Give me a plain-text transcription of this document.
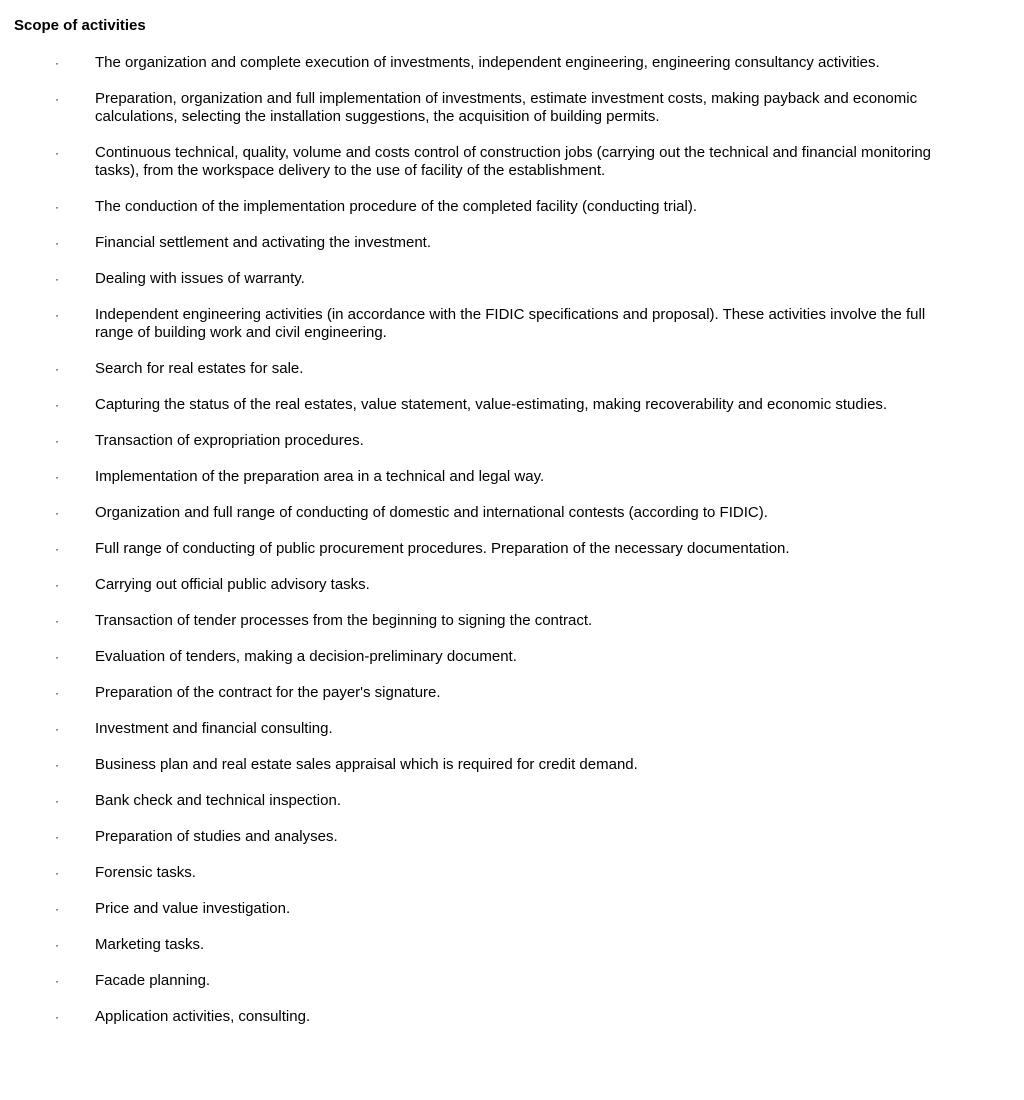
Scope of activities
· The organization and complete execution of investments, independent engineering, engineering consultancy activities.
· Preparation, organization and full implementation of investments, estimate investment costs, making payback and economic calculations, selecting the installation suggestions, the acquisition of building permits.
· Continuous technical, quality, volume and costs control of construction jobs (carrying out the technical and financial monitoring tasks), from the workspace delivery to the use of facility of the establishment.
· The conduction of the implementation procedure of the completed facility (conducting trial).
· Financial settlement and activating the investment.
· Dealing with issues of warranty.
· Independent engineering activities (in accordance with the FIDIC specifications and proposal). These activities involve the full range of building work and civil engineering.
· Search for real estates for sale.
· Capturing the status of the real estates, value statement, value-estimating, making recoverability and economic studies.
· Transaction of expropriation procedures.
· Implementation of the preparation area in a technical and legal way.
· Organization and full range of conducting of domestic and international contests (according to FIDIC).
· Full range of conducting of public procurement procedures. Preparation of the necessary documentation.
· Carrying out official public advisory tasks.
· Transaction of tender processes from the beginning to signing the contract.
· Evaluation of tenders, making a decision-preliminary document.
· Preparation of the contract for the payer's signature.
· Investment and financial consulting.
· Business plan and real estate sales appraisal which is required for credit demand.
· Bank check and technical inspection.
· Preparation of studies and analyses.
· Forensic tasks.
· Price and value investigation.
· Marketing tasks.
· Facade planning.
· Application activities, consulting.
